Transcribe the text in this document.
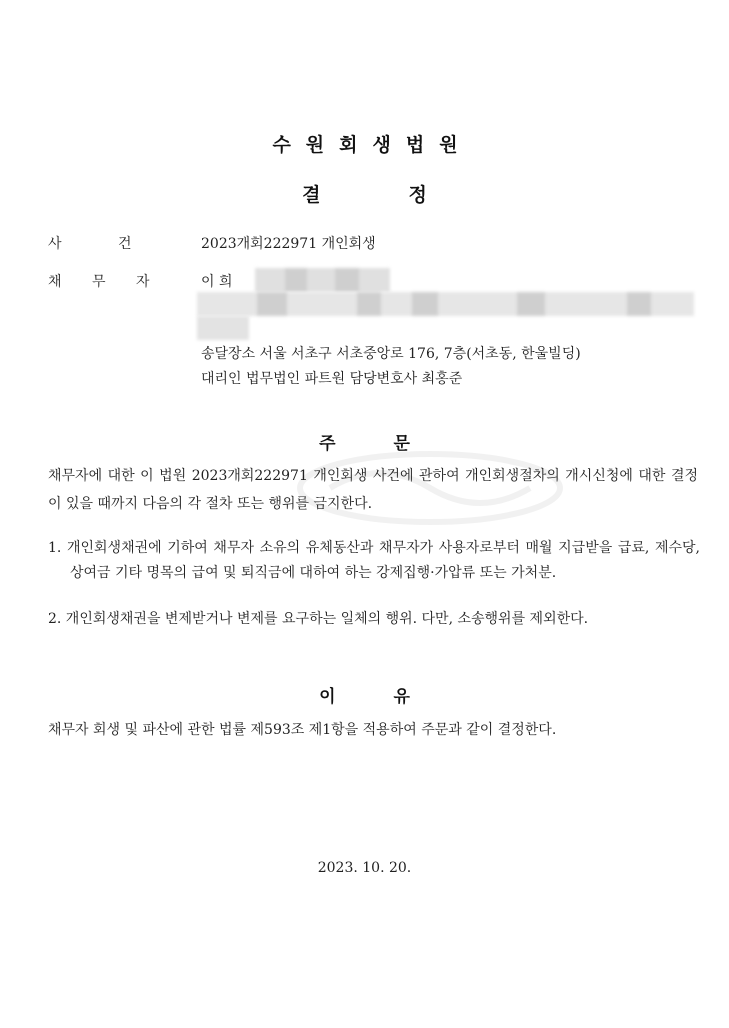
수원회생법원
결	정
사 건	2023개회222971 개인회생
채 무 자	이 희
송달장소 서울 서초구 서초중앙로 176, 7층(서초동, 한울빌딩)
대리인 법무법인 파트원 담당변호사 최홍준
주	문
채무자에 대한 이 법원 2023개회222971 개인회생 사건에 관하여 개인회생절차의 개시신청에 대한 결정이 있을 때까지 다음의 각 절차 또는 행위를 금지한다.
1. 개인회생채권에 기하여 채무자 소유의 유체동산과 채무자가 사용자로부터 매월 지급받을 급료, 제수당, 상여금 기타 명목의 급여 및 퇴직금에 대하여 하는 강제집행·가압류 또는 가처분.
2. 개인회생채권을 변제받거나 변제를 요구하는 일체의 행위. 다만, 소송행위를 제외한다.
이	유
채무자 회생 및 파산에 관한 법률 제593조 제1항을 적용하여 주문과 같이 결정한다.
2023. 10. 20.
